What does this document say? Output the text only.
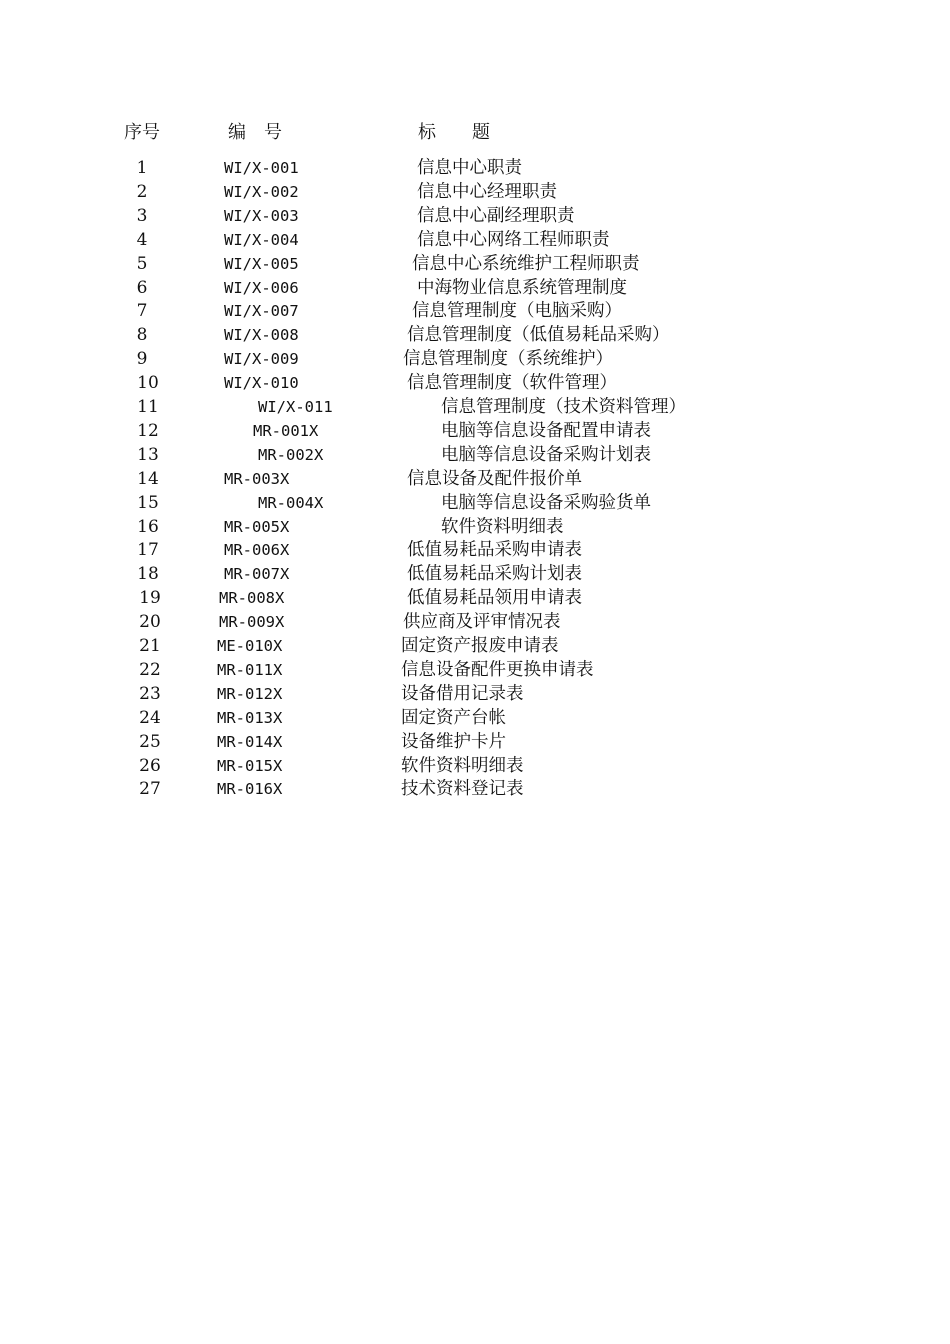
序号	编　号	标　　题
1	WI/X-001	信息中心职责
2	WI/X-002	信息中心经理职责
3	WI/X-003	信息中心副经理职责
4	WI/X-004	信息中心网络工程师职责
5	WI/X-005	信息中心系统维护工程师职责
6	WI/X-006	中海物业信息系统管理制度
7	WI/X-007	信息管理制度（电脑采购）
8	WI/X-008	信息管理制度（低值易耗品采购）
9	WI/X-009	信息管理制度（系统维护）
10	WI/X-010	信息管理制度（软件管理）
11	WI/X-011	信息管理制度（技术资料管理）
12	MR-001X	电脑等信息设备配置申请表
13	MR-002X	电脑等信息设备采购计划表
14	MR-003X	信息设备及配件报价单
15	MR-004X	电脑等信息设备采购验货单
16	MR-005X	软件资料明细表
17	MR-006X	低值易耗品采购申请表
18	MR-007X	低值易耗品采购计划表
19	MR-008X	低值易耗品领用申请表
20	MR-009X	供应商及评审情况表
21	ME-010X	固定资产报废申请表
22	MR-011X	信息设备配件更换申请表
23	MR-012X	设备借用记录表
24	MR-013X	固定资产台帐
25	MR-014X	设备维护卡片
26	MR-015X	软件资料明细表
27	MR-016X	技术资料登记表
